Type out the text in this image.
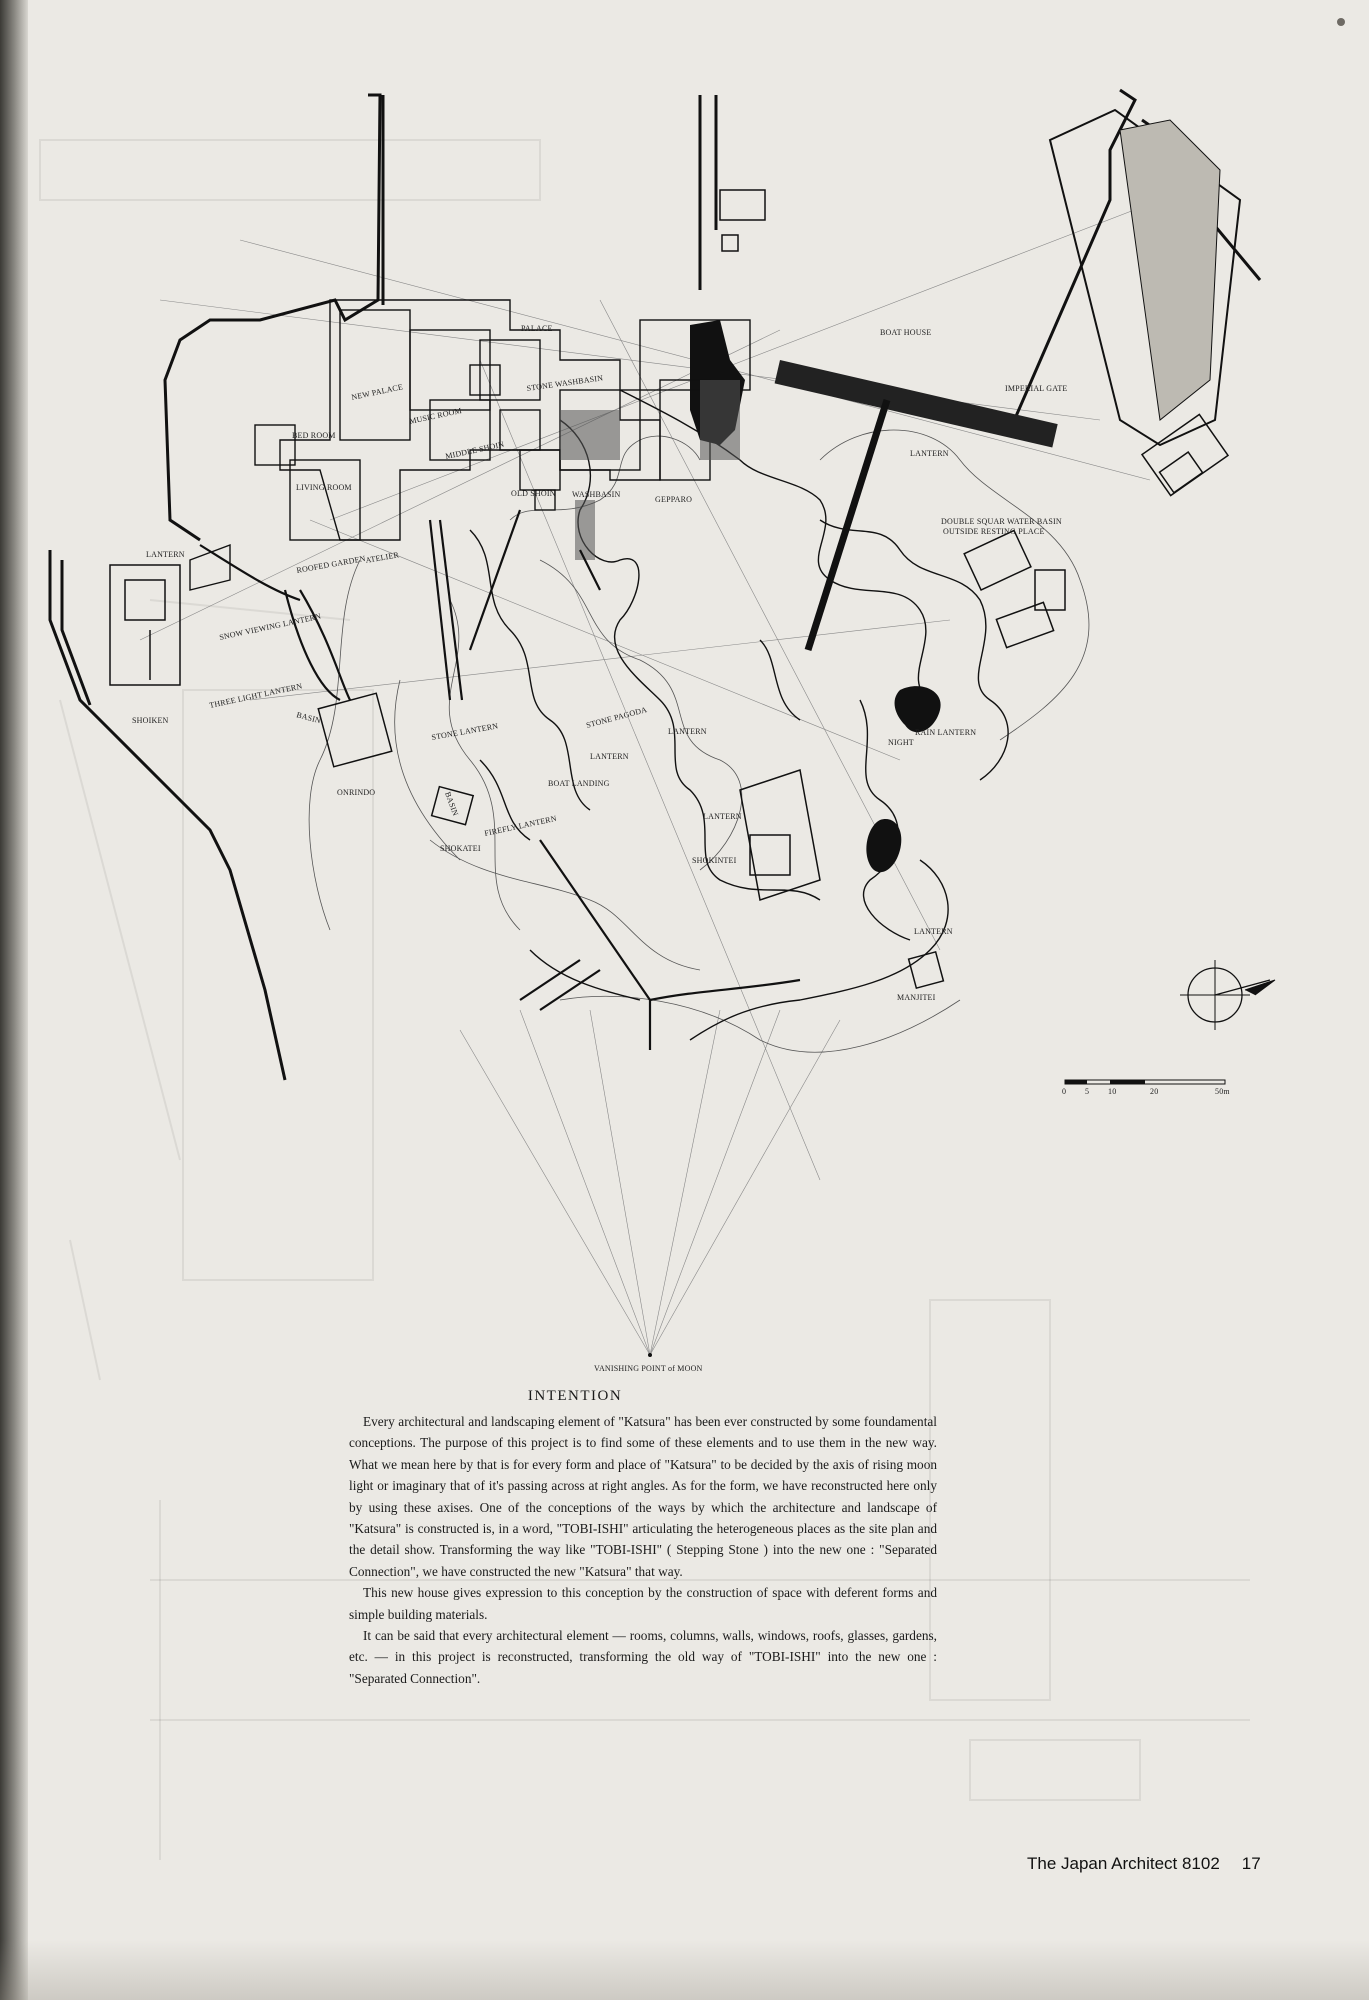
0 5 10	20	50m
PALACE	BOAT HOUSE
IMPERIAL GATE
NEW PALACE	STONE WASHBASIN
MUSIC ROOM
MIDDLE SHOIN
BED ROOM
LIVING ROOM
OLD SHOIN WASHBASIN
GEPPARO
LANTERN
DOUBLE SQUAR WATER BASIN
OUTSIDE RESTING PLACE
ROOFED GARDEN
ATELIER
LANTERN
SNOW VIEWING LANTERN
THREE LIGHT LANTERN
BASIN
SHOIKEN
ONRINDO
STONE LANTERN
STONE PAGODA
LANTERN
LANTERN
NIGHT
RAIN LANTERN
BOAT LANDING
BASIN
SHOKATEI
FIREFLY LANTERN	LANTERN
SHOKINTEI
LANTERN
MANJITEI
VANISHING POINT of MOON
INTENTION

Every architectural and landscaping element of "Katsura" has been ever constructed by some foundamental conceptions. The purpose of this project is to find some of these elements and to use them in the new way. What we mean here by that is for every form and place of "Katsura" to be decided by the axis of rising moon light or imaginary that of it's passing across at right angles. As for the form, we have reconstructed here only by using these axises. One of the conceptions of the ways by which the architecture and landscape of "Katsura" is constructed is, in a word, "TOBI-ISHI" articulating the heterogeneous places as the site plan and the detail show. Transforming the way like "TOBI-ISHI" ( Stepping Stone ) into the new one : "Separated Connection", we have constructed the new "Katsura" that way.

This new house gives expression to this conception by the construction of space with deferent forms and simple building materials.

It can be said that every architectural element — rooms, columns, walls, windows, roofs, glasses, gardens, etc. — in this project is reconstructed, transforming the old way of "TOBI-ISHI" into the new one : "Separated Connection".

The Japan Architect 8102 17
